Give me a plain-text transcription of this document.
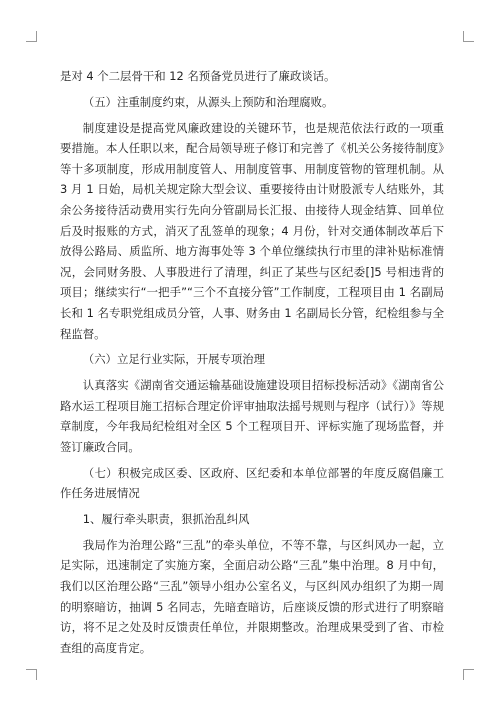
是对 4 个二层骨干和 12 名预备党员进行了廉政谈话。

（五）注重制度约束，从源头上预防和治理腐败。

制度建设是提高党风廉政建设的关键环节，也是规范依法行政的一项重要措施。本人任职以来，配合局领导班子修订和完善了《机关公务接待制度》等十多项制度，形成用制度管人、用制度管事、用制度管物的管理机制。从 3 月 1 日始，局机关规定除大型会议、重要接待由计财股派专人结账外，其余公务接待活动费用实行先向分管副局长汇报、由接待人现金结算、回单位后及时报账的方式，消灭了乱签单的现象；4 月份，针对交通体制改革后下放得公路局、质监所、地方海事处等 3 个单位继续执行市里的津补贴标准情况，会同财务股、人事股进行了清理，纠正了某些与区纪委[]5 号相违背的项目；继续实行“一把手”“三个不直接分管”工作制度，工程项目由 1 名副局长和 1 名专职党组成员分管，人事、财务由 1 名副局长分管，纪检组参与全程监督。

（六）立足行业实际，开展专项治理

认真落实《湖南省交通运输基础设施建设项目招标投标活动》《湖南省公路水运工程项目施工招标合理定价评审抽取法摇号规则与程序（试行）》等规章制度，今年我局纪检组对全区 5 个工程项目开、评标实施了现场监督，并签订廉政合同。

（七）积极完成区委、区政府、区纪委和本单位部署的年度反腐倡廉工作任务进展情况

1、履行牵头职责，狠抓治乱纠风

我局作为治理公路“三乱”的牵头单位，不等不靠，与区纠风办一起，立足实际，迅速制定了实施方案，全面启动公路“三乱”集中治理。8 月中旬，我们以区治理公路“三乱”领导小组办公室名义，与区纠风办组织了为期一周的明察暗访，抽调 5 名同志，先暗查暗访，后座谈反馈的形式进行了明察暗访，将不足之处及时反馈责任单位，并限期整改。治理成果受到了省、市检查组的高度肯定。
